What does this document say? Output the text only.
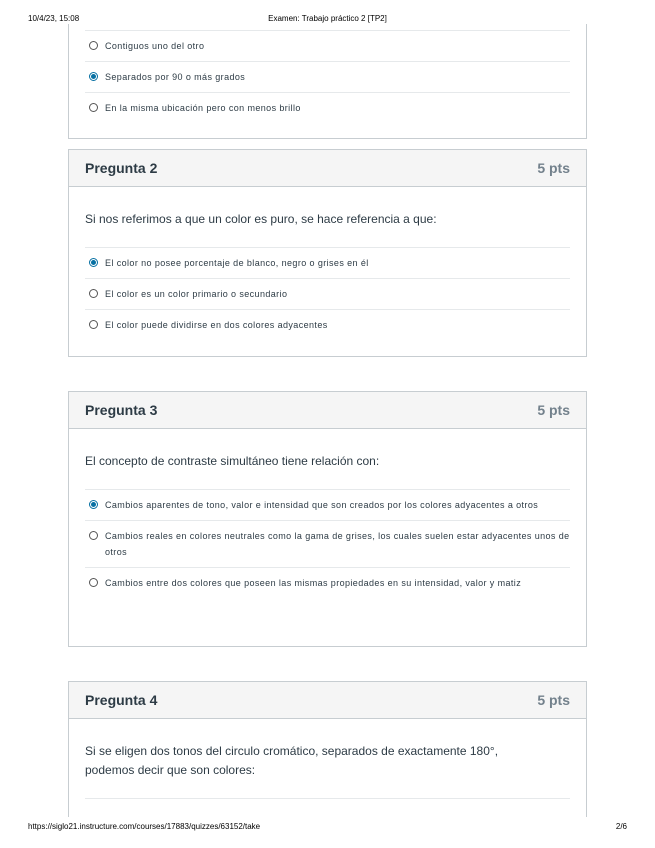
10/4/23, 15:08	Examen: Trabajo práctico 2 [TP2]
Contiguos uno del otro
Separados por 90 o más grados
En la misma ubicación pero con menos brillo
Pregunta 2	5 pts
Si nos referimos a que un color es puro, se hace referencia a que:
El color no posee porcentaje de blanco, negro o grises en él
El color es un color primario o secundario
El color puede dividirse en dos colores adyacentes
Pregunta 3	5 pts
El concepto de contraste simultáneo tiene relación con:
Cambios aparentes de tono, valor e intensidad que son creados por los colores adyacentes a otros
Cambios reales en colores neutrales como la gama de grises, los cuales suelen estar adyacentes unos de otros
Cambios entre dos colores que poseen las mismas propiedades en su intensidad, valor y matiz
Pregunta 4	5 pts
Si se eligen dos tonos del circulo cromático, separados de exactamente 180°, podemos decir que son colores:
https://siglo21.instructure.com/courses/17883/quizzes/63152/take	2/6
